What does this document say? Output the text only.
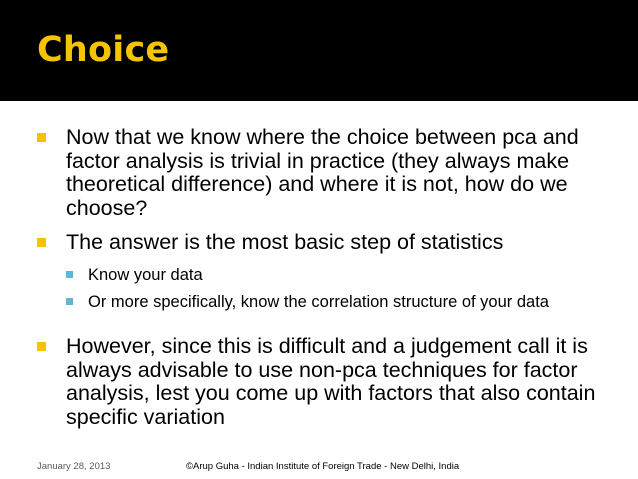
Choice
Now that we know where the choice between pca and factor analysis is trivial in practice (they always make theoretical difference) and where it is not, how do we choose?
The answer is the most basic step of statistics
Know your data
Or more specifically, know the correlation structure of your data
However, since this is difficult and a judgement call it is always advisable to use non-pca techniques for factor analysis, lest you come up with factors that also contain specific variation
January 28, 2013	©Arup Guha - Indian Institute of Foreign Trade - New Delhi, India
